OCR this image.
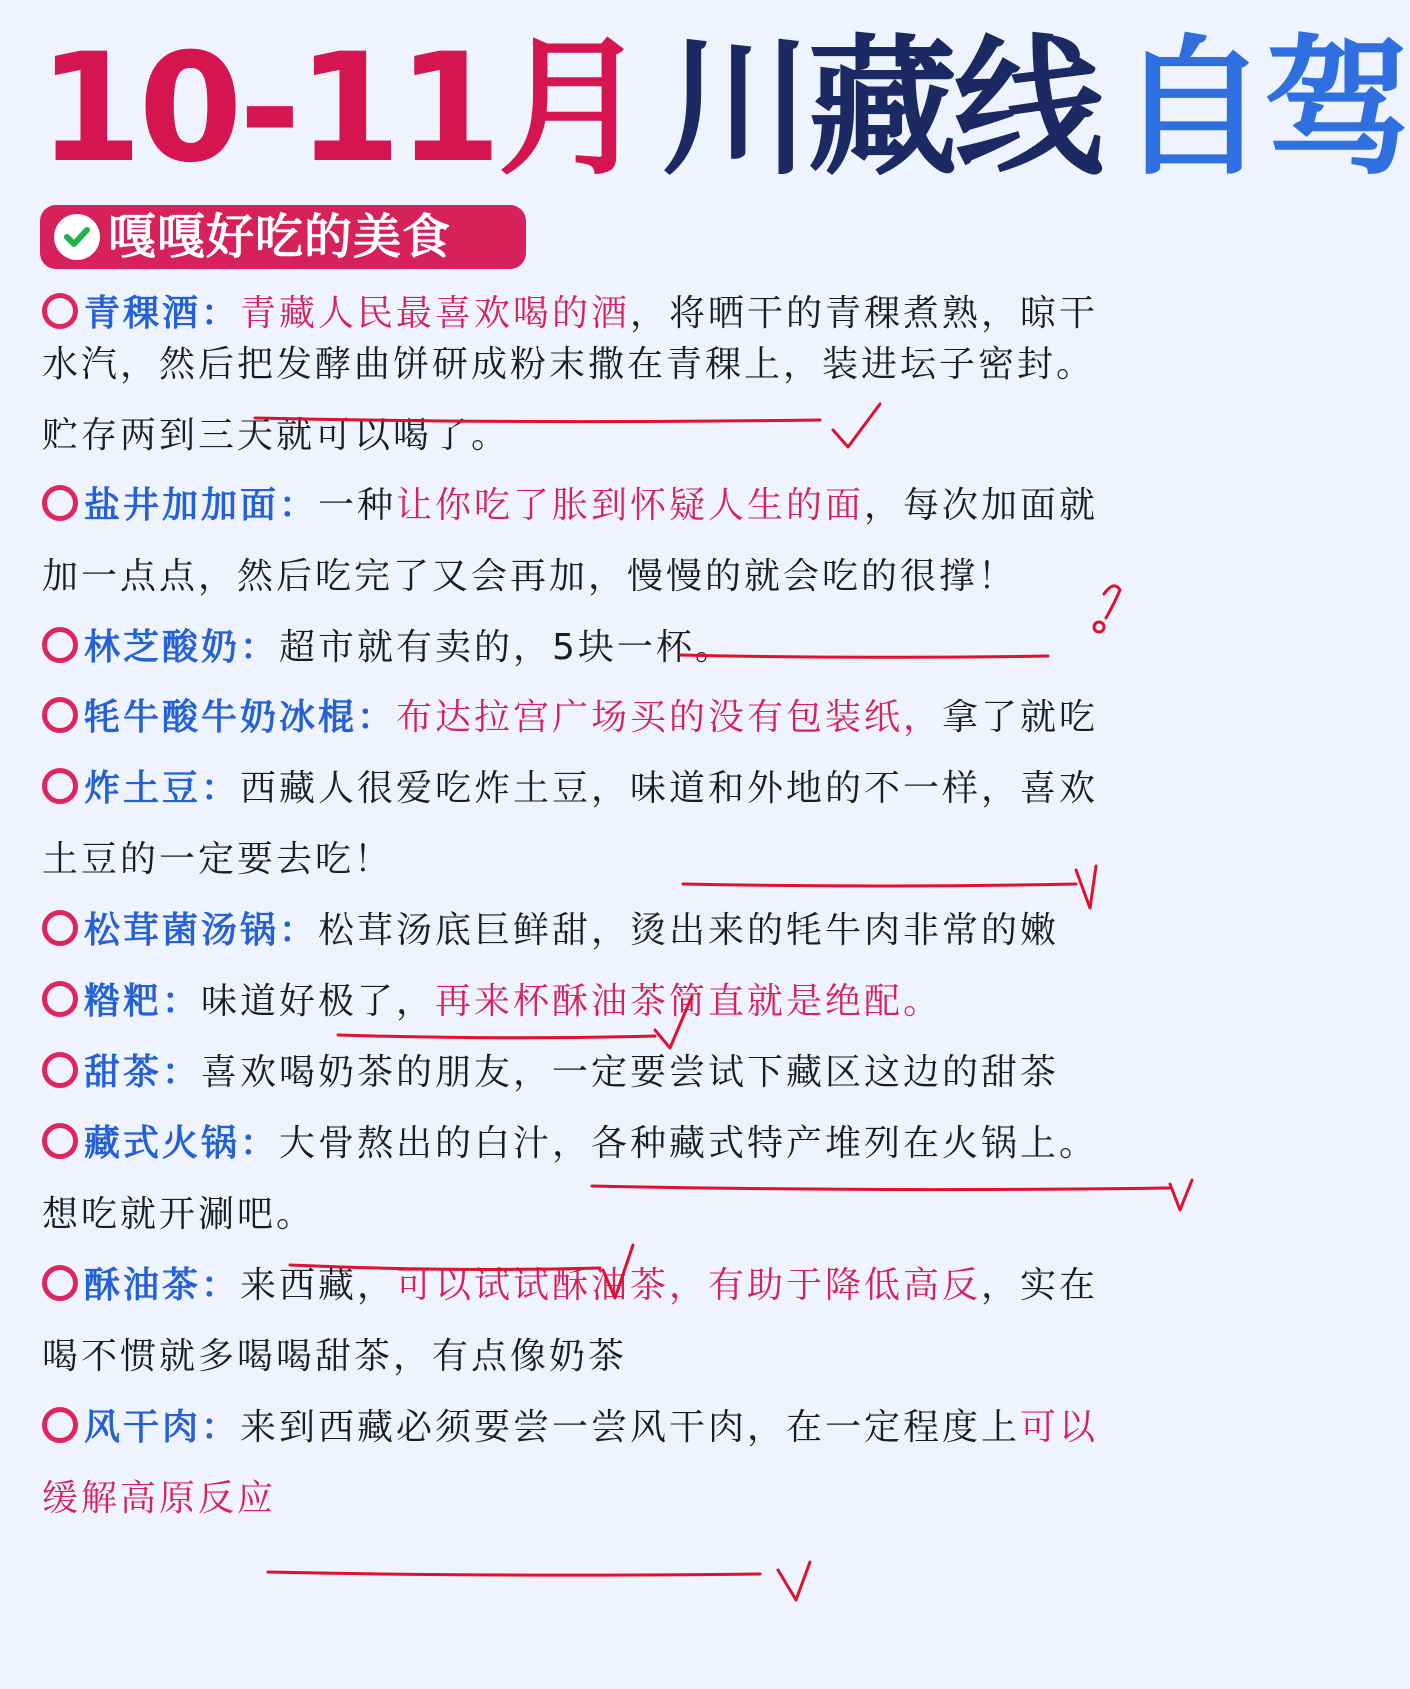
10-11月 川藏线 自驾
嘎嘎好吃的美食
青稞酒：青藏人民最喜欢喝的酒，将晒干的青稞煮熟，晾干
水汽，然后把发酵曲饼研成粉末撒在青稞上，装进坛子密封。
贮存两到三天就可以喝了。
盐井加加面：一种让你吃了胀到怀疑人生的面，每次加面就
加一点点，然后吃完了又会再加，慢慢的就会吃的很撑！
林芝酸奶：超市就有卖的，5块一杯。
牦牛酸牛奶冰棍：布达拉宫广场买的没有包装纸，拿了就吃
炸土豆：西藏人很爱吃炸土豆，味道和外地的不一样，喜欢
土豆的一定要去吃！
松茸菌汤锅：松茸汤底巨鲜甜，烫出来的牦牛肉非常的嫩
糌粑：味道好极了，再来杯酥油茶简直就是绝配。
甜茶：喜欢喝奶茶的朋友，一定要尝试下藏区这边的甜茶
藏式火锅：大骨熬出的白汁，各种藏式特产堆列在火锅上。
想吃就开涮吧。
酥油茶：来西藏，可以试试酥油茶，有助于降低高反，实在
喝不惯就多喝喝甜茶，有点像奶茶
风干肉：来到西藏必须要尝一尝风干肉，在一定程度上可以
缓解高原反应
